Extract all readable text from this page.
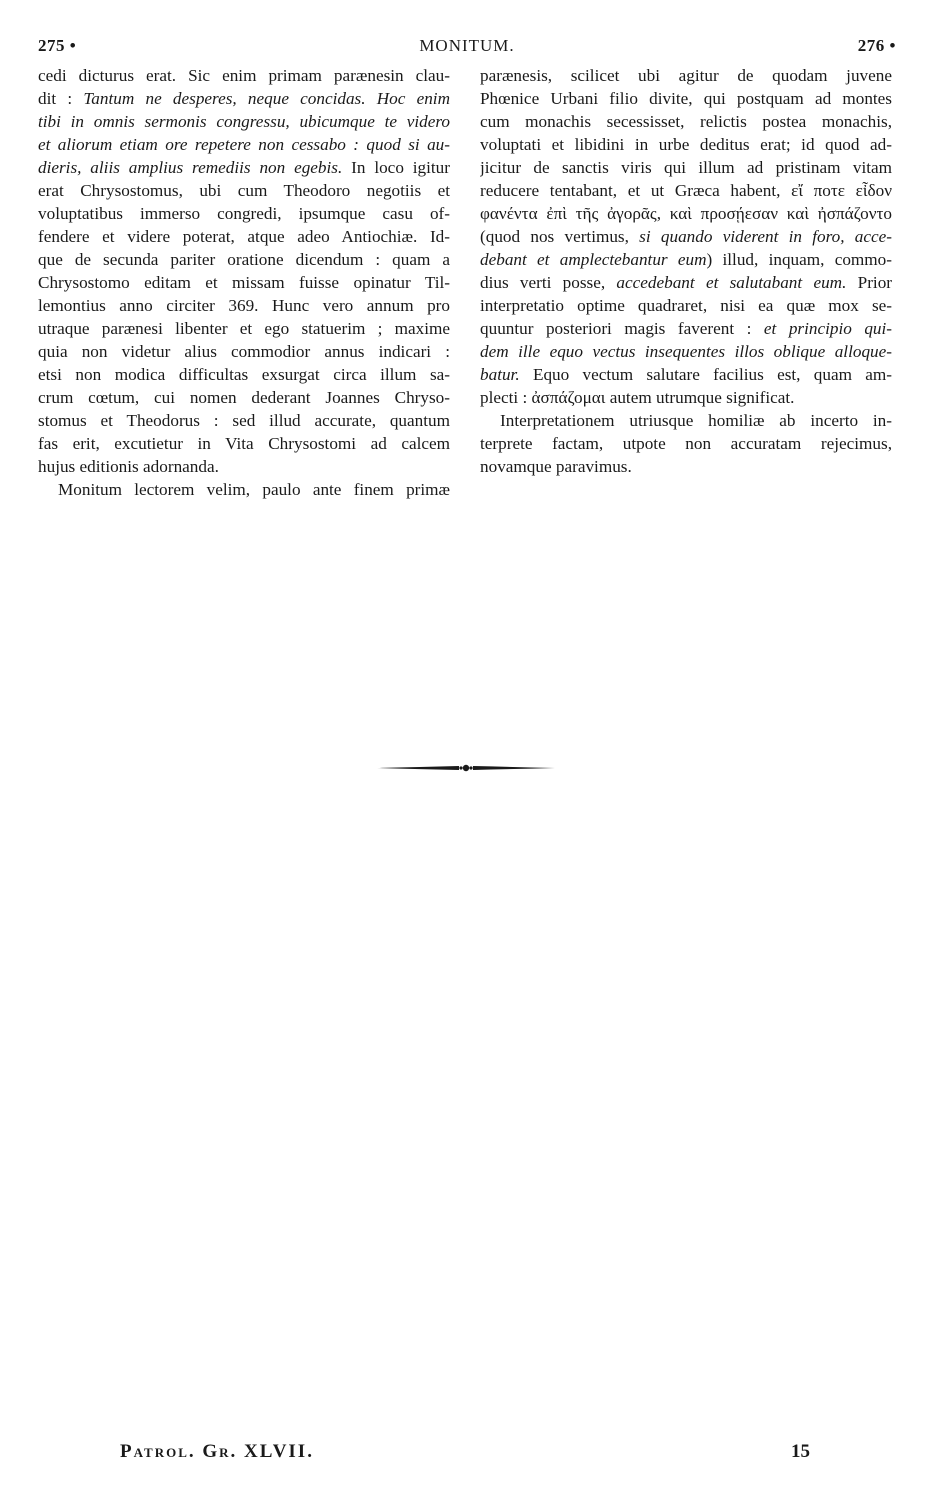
275 •	MONITUM.	276 •
cedi dicturus erat. Sic enim primam parænesin clau-
dit : Tantum ne desperes, neque concidas. Hoc enim
tibi in omnis sermonis congressu, ubicumque te videro
et aliorum etiam ore repetere non cessabo : quod si au-
dieris, aliis amplius remediis non egebis. In loco igitur
erat Chrysostomus, ubi cum Theodoro negotiis et
voluptatibus immerso congredi, ipsumque casu of-
fendere et videre poterat, atque adeo Antiochiæ. Id-
que de secunda pariter oratione dicendum : quam a
Chrysostomo editam et missam fuisse opinatur Til-
lemontius anno circiter 369. Hunc vero annum pro
utraque parænesi libenter et ego statuerim ; maxime
quia non videtur alius commodior annus indicari :
etsi non modica difficultas exsurgat circa illum sa-
crum cœtum, cui nomen dederant Joannes Chryso-
stomus et Theodorus : sed illud accurate, quantum
fas erit, excutietur in Vita Chrysostomi ad calcem
hujus editionis adornanda.
Monitum lectorem velim, paulo ante finem primæ
parænesis, scilicet ubi agitur de quodam juvene
Phœnice Urbani filio divite, qui postquam ad montes
cum monachis secessisset, relictis postea monachis,
voluptati et libidini in urbe deditus erat; id quod ad-
jicitur de sanctis viris qui illum ad pristinam vitam
reducere tentabant, et ut Græca habent, εἴ ποτε εἶδον
φανέντα ἐπὶ τῆς ἀγορᾶς, καὶ προσῄεσαν καὶ ἠσπάζοντο
(quod nos vertimus, si quando viderent in foro, acce-
debant et amplectebantur eum) illud, inquam, commo-
dius verti posse, accedebant et salutabant eum. Prior
interpretatio optime quadraret, nisi ea quæ mox se-
quuntur posteriori magis faverent : et principio qui-
dem ille equo vectus insequentes illos oblique alloque-
batur. Equo vectum salutare facilius est, quam am-
plecti : ἀσπάζομαι autem utrumque significat.
Interpretationem utriusque homiliæ ab incerto in-
terprete factam, utpote non accuratam rejecimus,
novamque paravimus.
Patrol. Gr. XLVII.	15
